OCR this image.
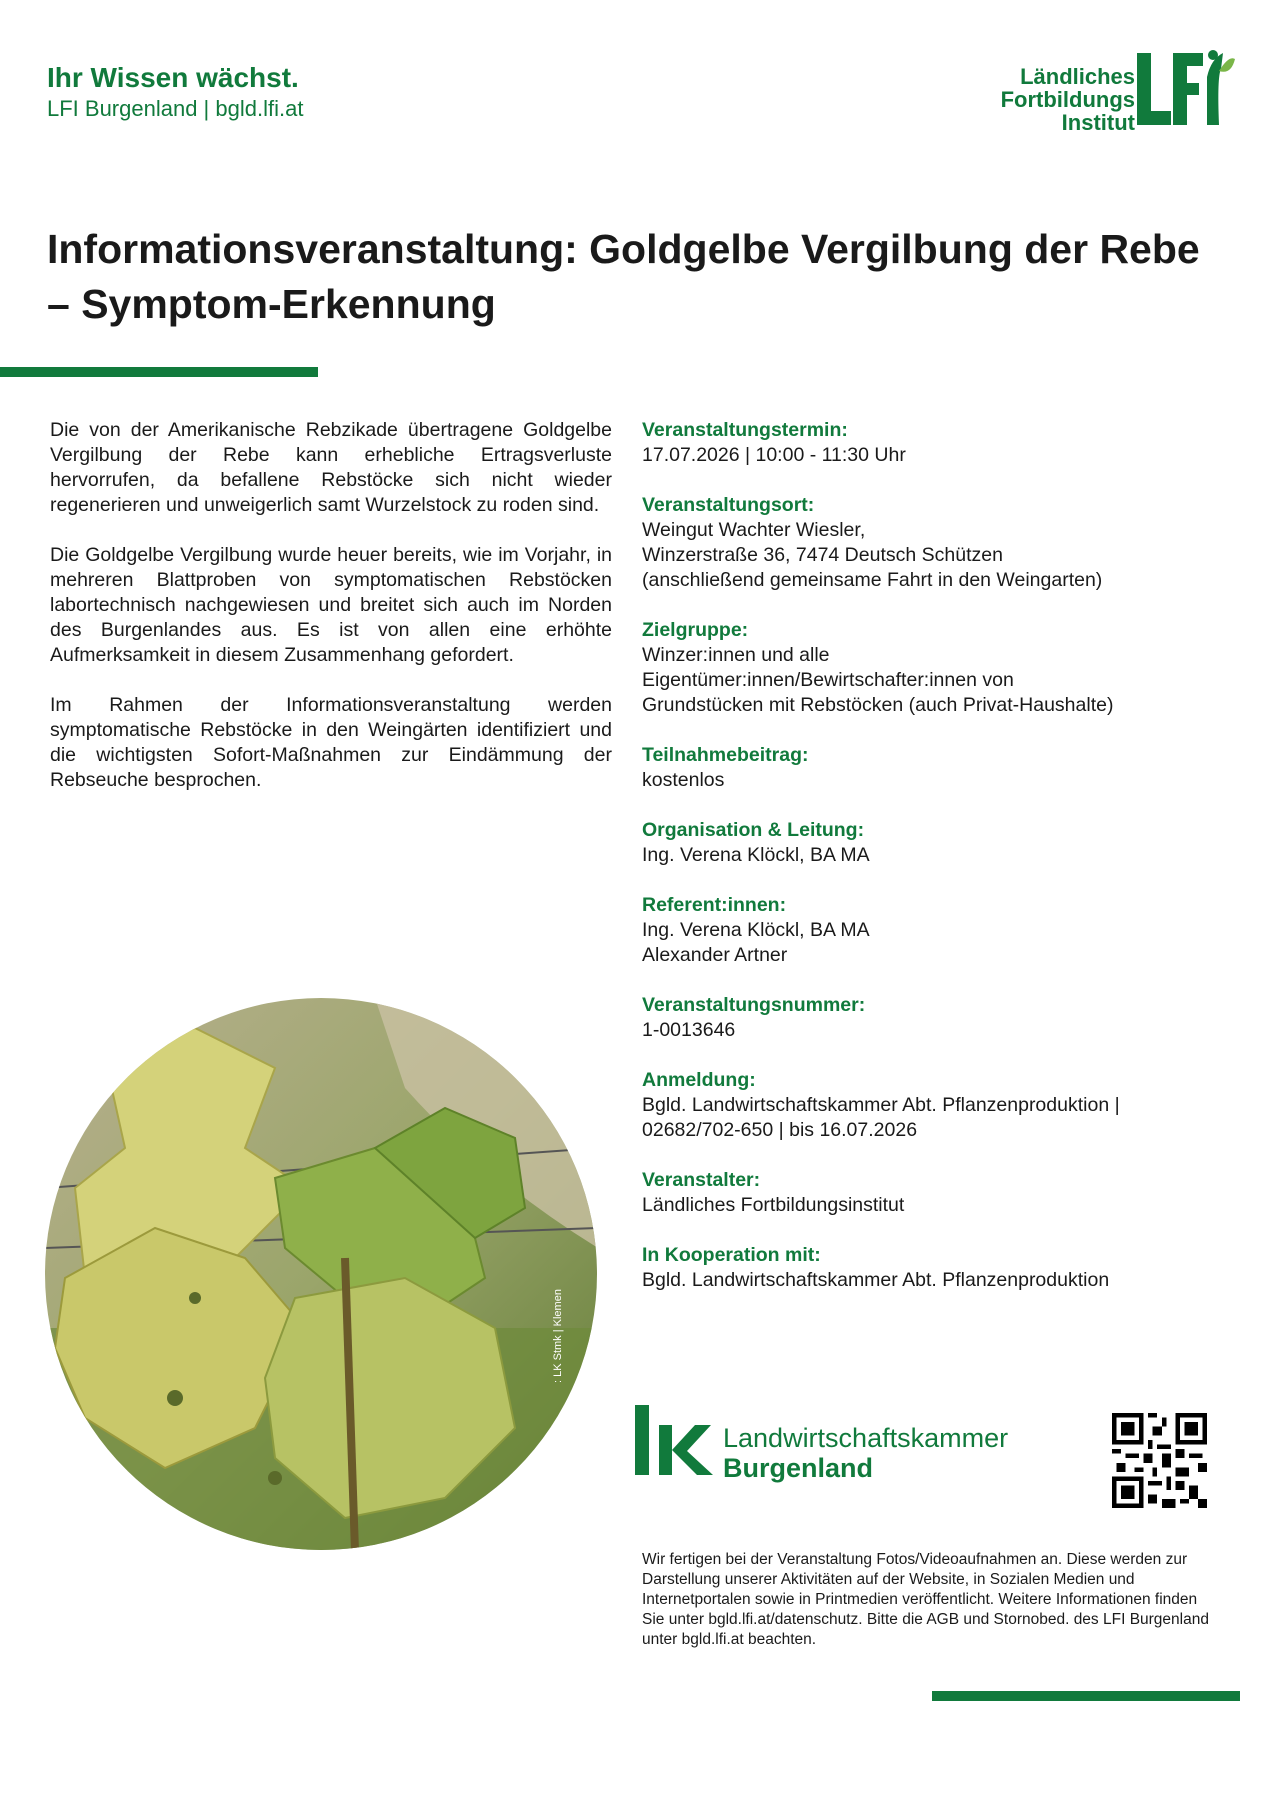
Ihr Wissen wächst.
LFI Burgenland | bgld.lfi.at
Ländliches
Fortbildungs
Institut
Informationsveranstaltung: Goldgelbe Vergilbung der Rebe – Symptom-Erkennung

Die von der Amerikanische Rebzikade übertragene Goldgelbe Vergilbung der Rebe kann erhebliche Ertragsverluste hervorrufen, da befallene Rebstöcke sich nicht wieder regenerieren und unweigerlich samt Wurzelstock zu roden sind.

Die Goldgelbe Vergilbung wurde heuer bereits, wie im Vorjahr, in mehreren Blattproben von symptomatischen Rebstöcken labortechnisch nachgewiesen und breitet sich auch im Norden des Burgenlandes aus. Es ist von allen eine erhöhte Aufmerksamkeit in diesem Zusammenhang gefordert.

Im Rahmen der Informationsveranstaltung werden symptomatische Rebstöcke in den Weingärten identifiziert und die wichtigsten Sofort-Maßnahmen zur Eindämmung der Rebseuche besprochen.

Veranstaltungstermin:
17.07.2026 | 10:00 - 11:30 Uhr
Veranstaltungsort:
Weingut Wachter Wiesler,
Winzerstraße 36, 7474 Deutsch Schützen
(anschließend gemeinsame Fahrt in den Weingarten)
Zielgruppe:
Winzer:innen und alle
Eigentümer:innen/Bewirtschafter:innen von
Grundstücken mit Rebstöcken (auch Privat-Haushalte)
Teilnahmebeitrag:
kostenlos
Organisation & Leitung:
Ing. Verena Klöckl, BA MA
Referent:innen:
Ing. Verena Klöckl, BA MA
Alexander Artner
Veranstaltungsnummer:
1-0013646
Anmeldung:
Bgld. Landwirtschaftskammer Abt. Pflanzenproduktion |
02682/702-650 | bis 16.07.2026
Veranstalter:
Ländliches Fortbildungsinstitut
In Kooperation mit:
Bgld. Landwirtschaftskammer Abt. Pflanzenproduktion
: LK Stmk | Klemen
Landwirtschaftskammer
Burgenland
Wir fertigen bei der Veranstaltung Fotos/Videoaufnahmen an. Diese werden zur Darstellung unserer Aktivitäten auf der Website, in Sozialen Medien und Internetportalen sowie in Printmedien veröffentlicht. Weitere Informationen finden Sie unter bgld.lfi.at/datenschutz. Bitte die AGB und Stornobed. des LFI Burgenland unter bgld.lfi.at beachten.
